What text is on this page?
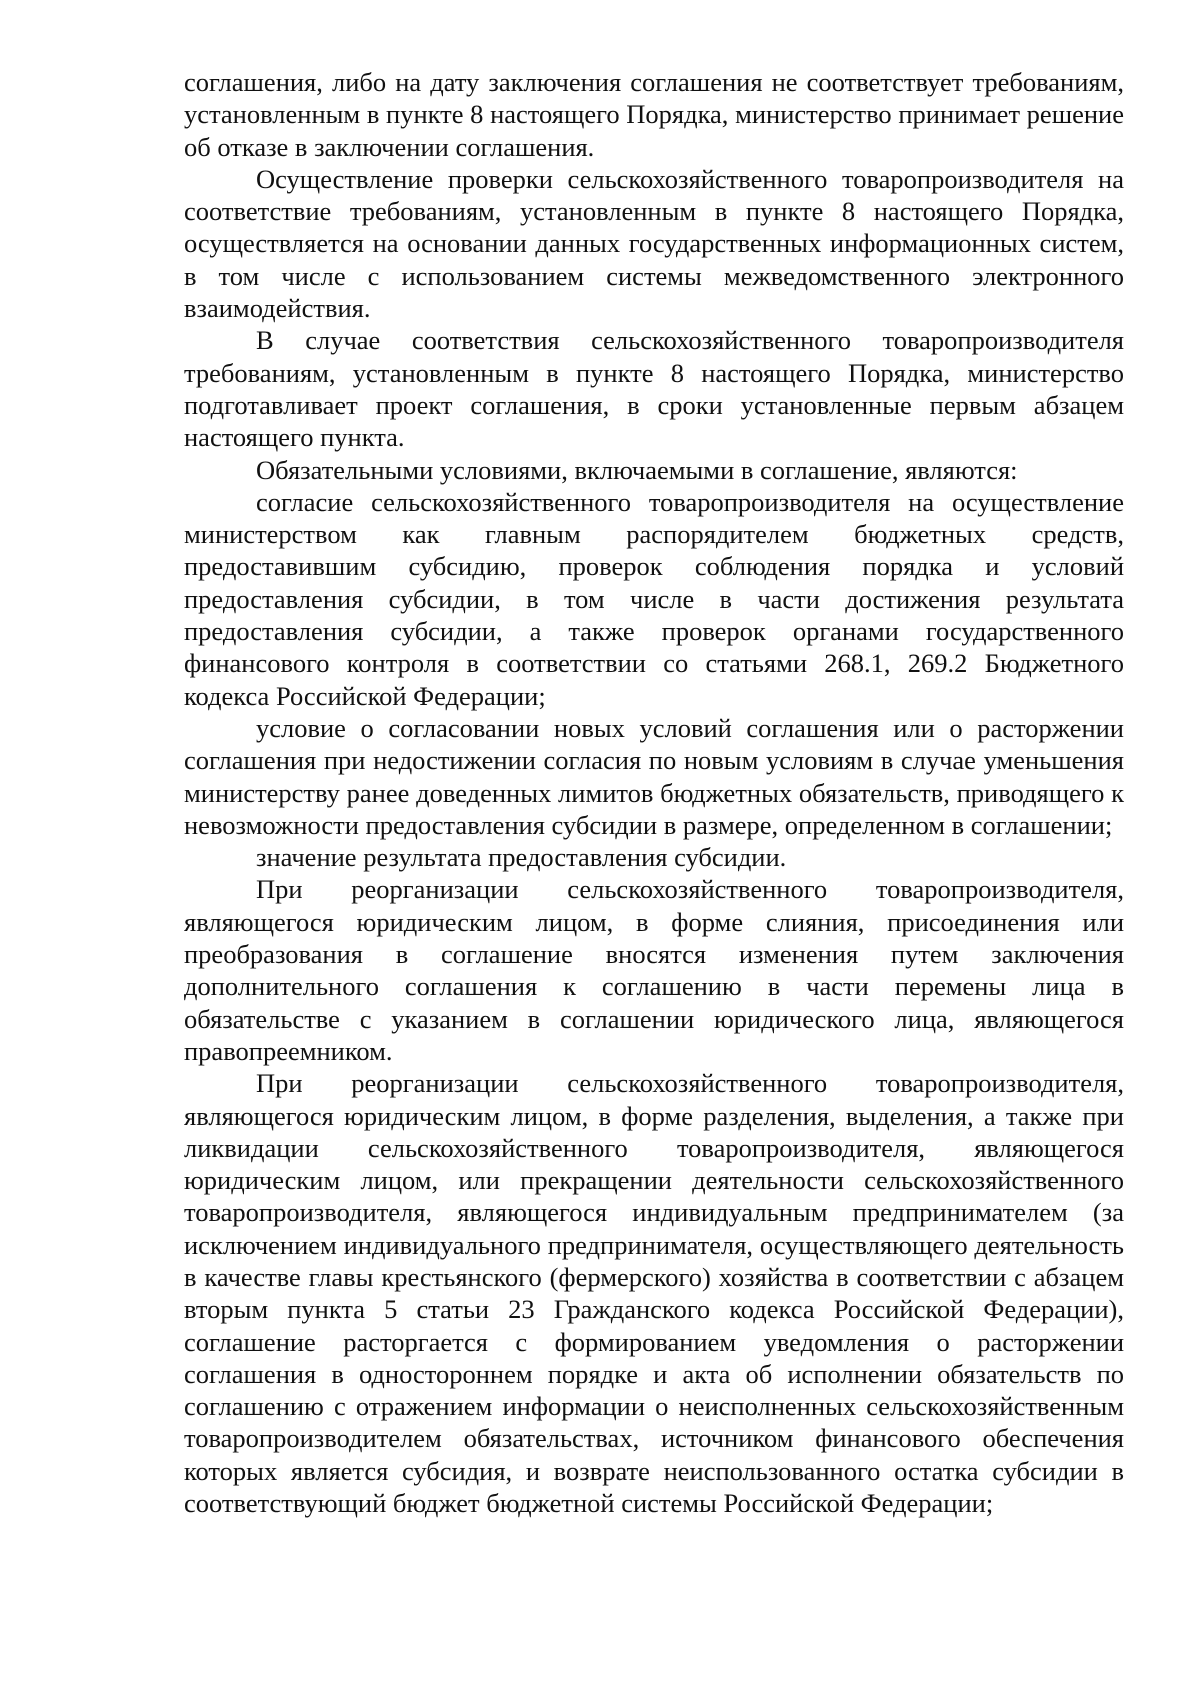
соглашения, либо на дату заключения соглашения не соответствует требованиям, установленным в пункте 8 настоящего Порядка, министерство принимает решение об отказе в заключении соглашения.

Осуществление проверки сельскохозяйственного товаропроизводителя на соответствие требованиям, установленным в пункте 8 настоящего Порядка, осуществляется на основании данных государственных информационных систем, в том числе с использованием системы межведомственного электронного взаимодействия.

В случае соответствия сельскохозяйственного товаропроизводителя требованиям, установленным в пункте 8 настоящего Порядка, министерство подготавливает проект соглашения, в сроки установленные первым абзацем настоящего пункта.

Обязательными условиями, включаемыми в соглашение, являются:

согласие сельскохозяйственного товаропроизводителя на осуществление министерством как главным распорядителем бюджетных средств, предоставившим субсидию, проверок соблюдения порядка и условий предоставления субсидии, в том числе в части достижения результата предоставления субсидии, а также проверок органами государственного финансового контроля в соответствии со статьями 268.1, 269.2 Бюджетного кодекса Российской Федерации;

условие о согласовании новых условий соглашения или о расторжении соглашения при недостижении согласия по новым условиям в случае уменьшения министерству ранее доведенных лимитов бюджетных обязательств, приводящего к невозможности предоставления субсидии в размере, определенном в соглашении;

значение результата предоставления субсидии.

При реорганизации сельскохозяйственного товаропроизводителя, являющегося юридическим лицом, в форме слияния, присоединения или преобразования в соглашение вносятся изменения путем заключения дополнительного соглашения к соглашению в части перемены лица в обязательстве с указанием в соглашении юридического лица, являющегося правопреемником.

При реорганизации сельскохозяйственного товаропроизводителя, являющегося юридическим лицом, в форме разделения, выделения, а также при ликвидации сельскохозяйственного товаропроизводителя, являющегося юридическим лицом, или прекращении деятельности сельскохозяйственного товаропроизводителя, являющегося индивидуальным предпринимателем (за исключением индивидуального предпринимателя, осуществляющего деятельность в качестве главы крестьянского (фермерского) хозяйства в соответствии с абзацем вторым пункта 5 статьи 23 Гражданского кодекса Российской Федерации), соглашение расторгается с формированием уведомления о расторжении соглашения в одностороннем порядке и акта об исполнении обязательств по соглашению с отражением информации о неисполненных сельскохозяйственным товаропроизводителем обязательствах, источником финансового обеспечения которых является субсидия, и возврате неиспользованного остатка субсидии в соответствующий бюджет бюджетной системы Российской Федерации;
